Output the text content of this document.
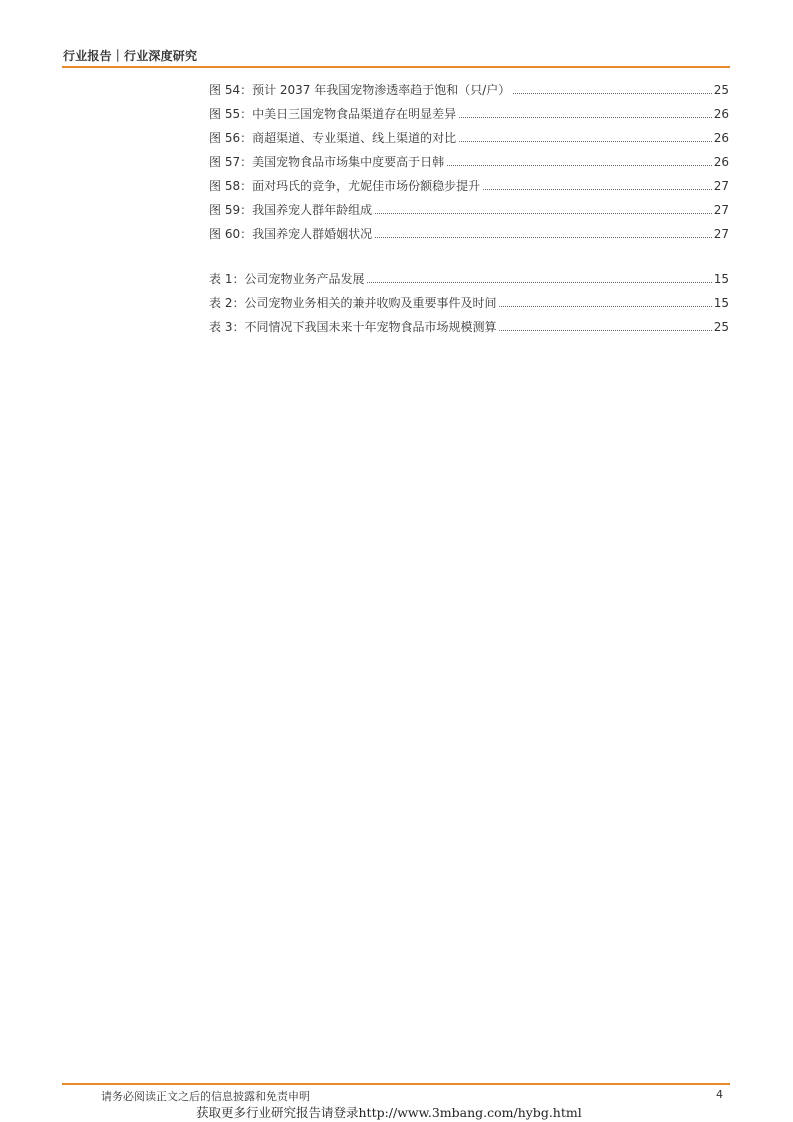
行业报告｜行业深度研究
图 54：预计 2037 年我国宠物渗透率趋于饱和（只/户）	25
图 55：中美日三国宠物食品渠道存在明显差异	26
图 56：商超渠道、专业渠道、线上渠道的对比	26
图 57：美国宠物食品市场集中度要高于日韩	26
图 58：面对玛氏的竞争，尤妮佳市场份额稳步提升	27
图 59：我国养宠人群年龄组成	27
图 60：我国养宠人群婚姻状况	27
表 1：公司宠物业务产品发展	15
表 2：公司宠物业务相关的兼并收购及重要事件及时间	15
表 3：不同情况下我国未来十年宠物食品市场规模测算	25
请务必阅读正文之后的信息披露和免责申明	4
获取更多行业研究报告请登录http://www.3mbang.com/hybg.html
